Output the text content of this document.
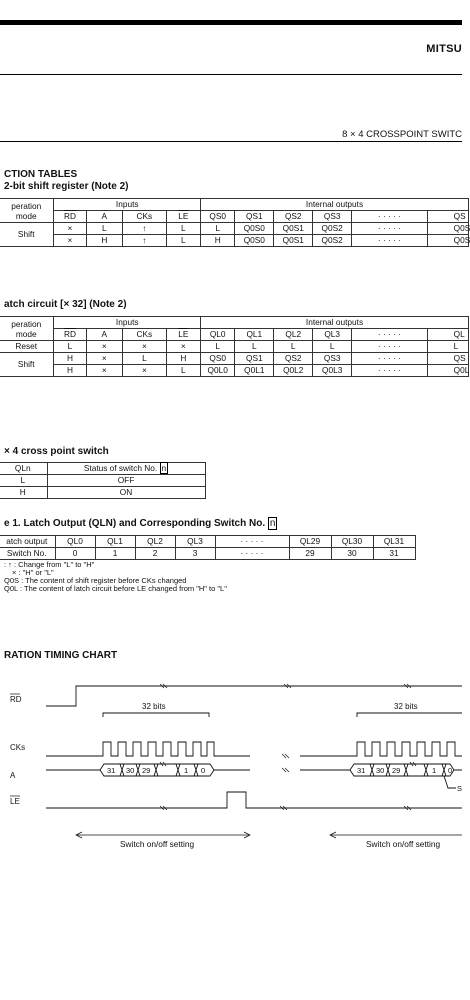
MITSU
8 × 4 CROSSPOINT SWITC
CTION TABLES
2-bit shift register (Note 2)
peration
mode	Inputs				Internal outputs					
	$\overline{RD}$	A	CKs	$\overline{LE}$	QS0	QS1	QS2	QS3	· · · · ·	QS
Shift	×	L	↑	L	L	Q0S0	Q0S1	Q0S2	· · · · ·	Q0S
	×	H	↑	L	H	Q0S0	Q0S1	Q0S2	· · · · ·	Q0S
atch circuit [× 32] (Note 2)
peration
mode	Inputs				Internal outputs					
	$\overline{RD}$	A	CKs	$\overline{LE}$	QL0	QL1	QL2	QL3	· · · · ·	QL
Reset	L	×	×	×	L	L	L	L	· · · · ·	L
Shift	H	×	L	H	QS0	QS1	QS2	QS3	· · · · ·	QS
	H	×	×	L	Q0L0	Q0L1	Q0L2	Q0L3	· · · · ·	Q0L
× 4 cross point switch
QLn	Status of switch No. n
L	OFF
H	ON
e 1. Latch Output (QLN) and Corresponding Switch No. n
atch output	QL0	QL1	QL2	QL3	· · · · ·	QL29	QL30	QL31
Switch No.	0	1	2	3	· · · · ·	29	30	31
: ↑ : Change from "L" to "H"
× : "H" or "L"
Q0S : The content of shift register before CKs changed
Q0L : The content of latch circuit before LE changed from "H" to "L"
RATION TIMING CHART
RD
CKs
A
LE
32 bits	32 bits
31 30 29	1 0	31 30 29	1 0
S
Switch on/off setting	Switch on/off setting
